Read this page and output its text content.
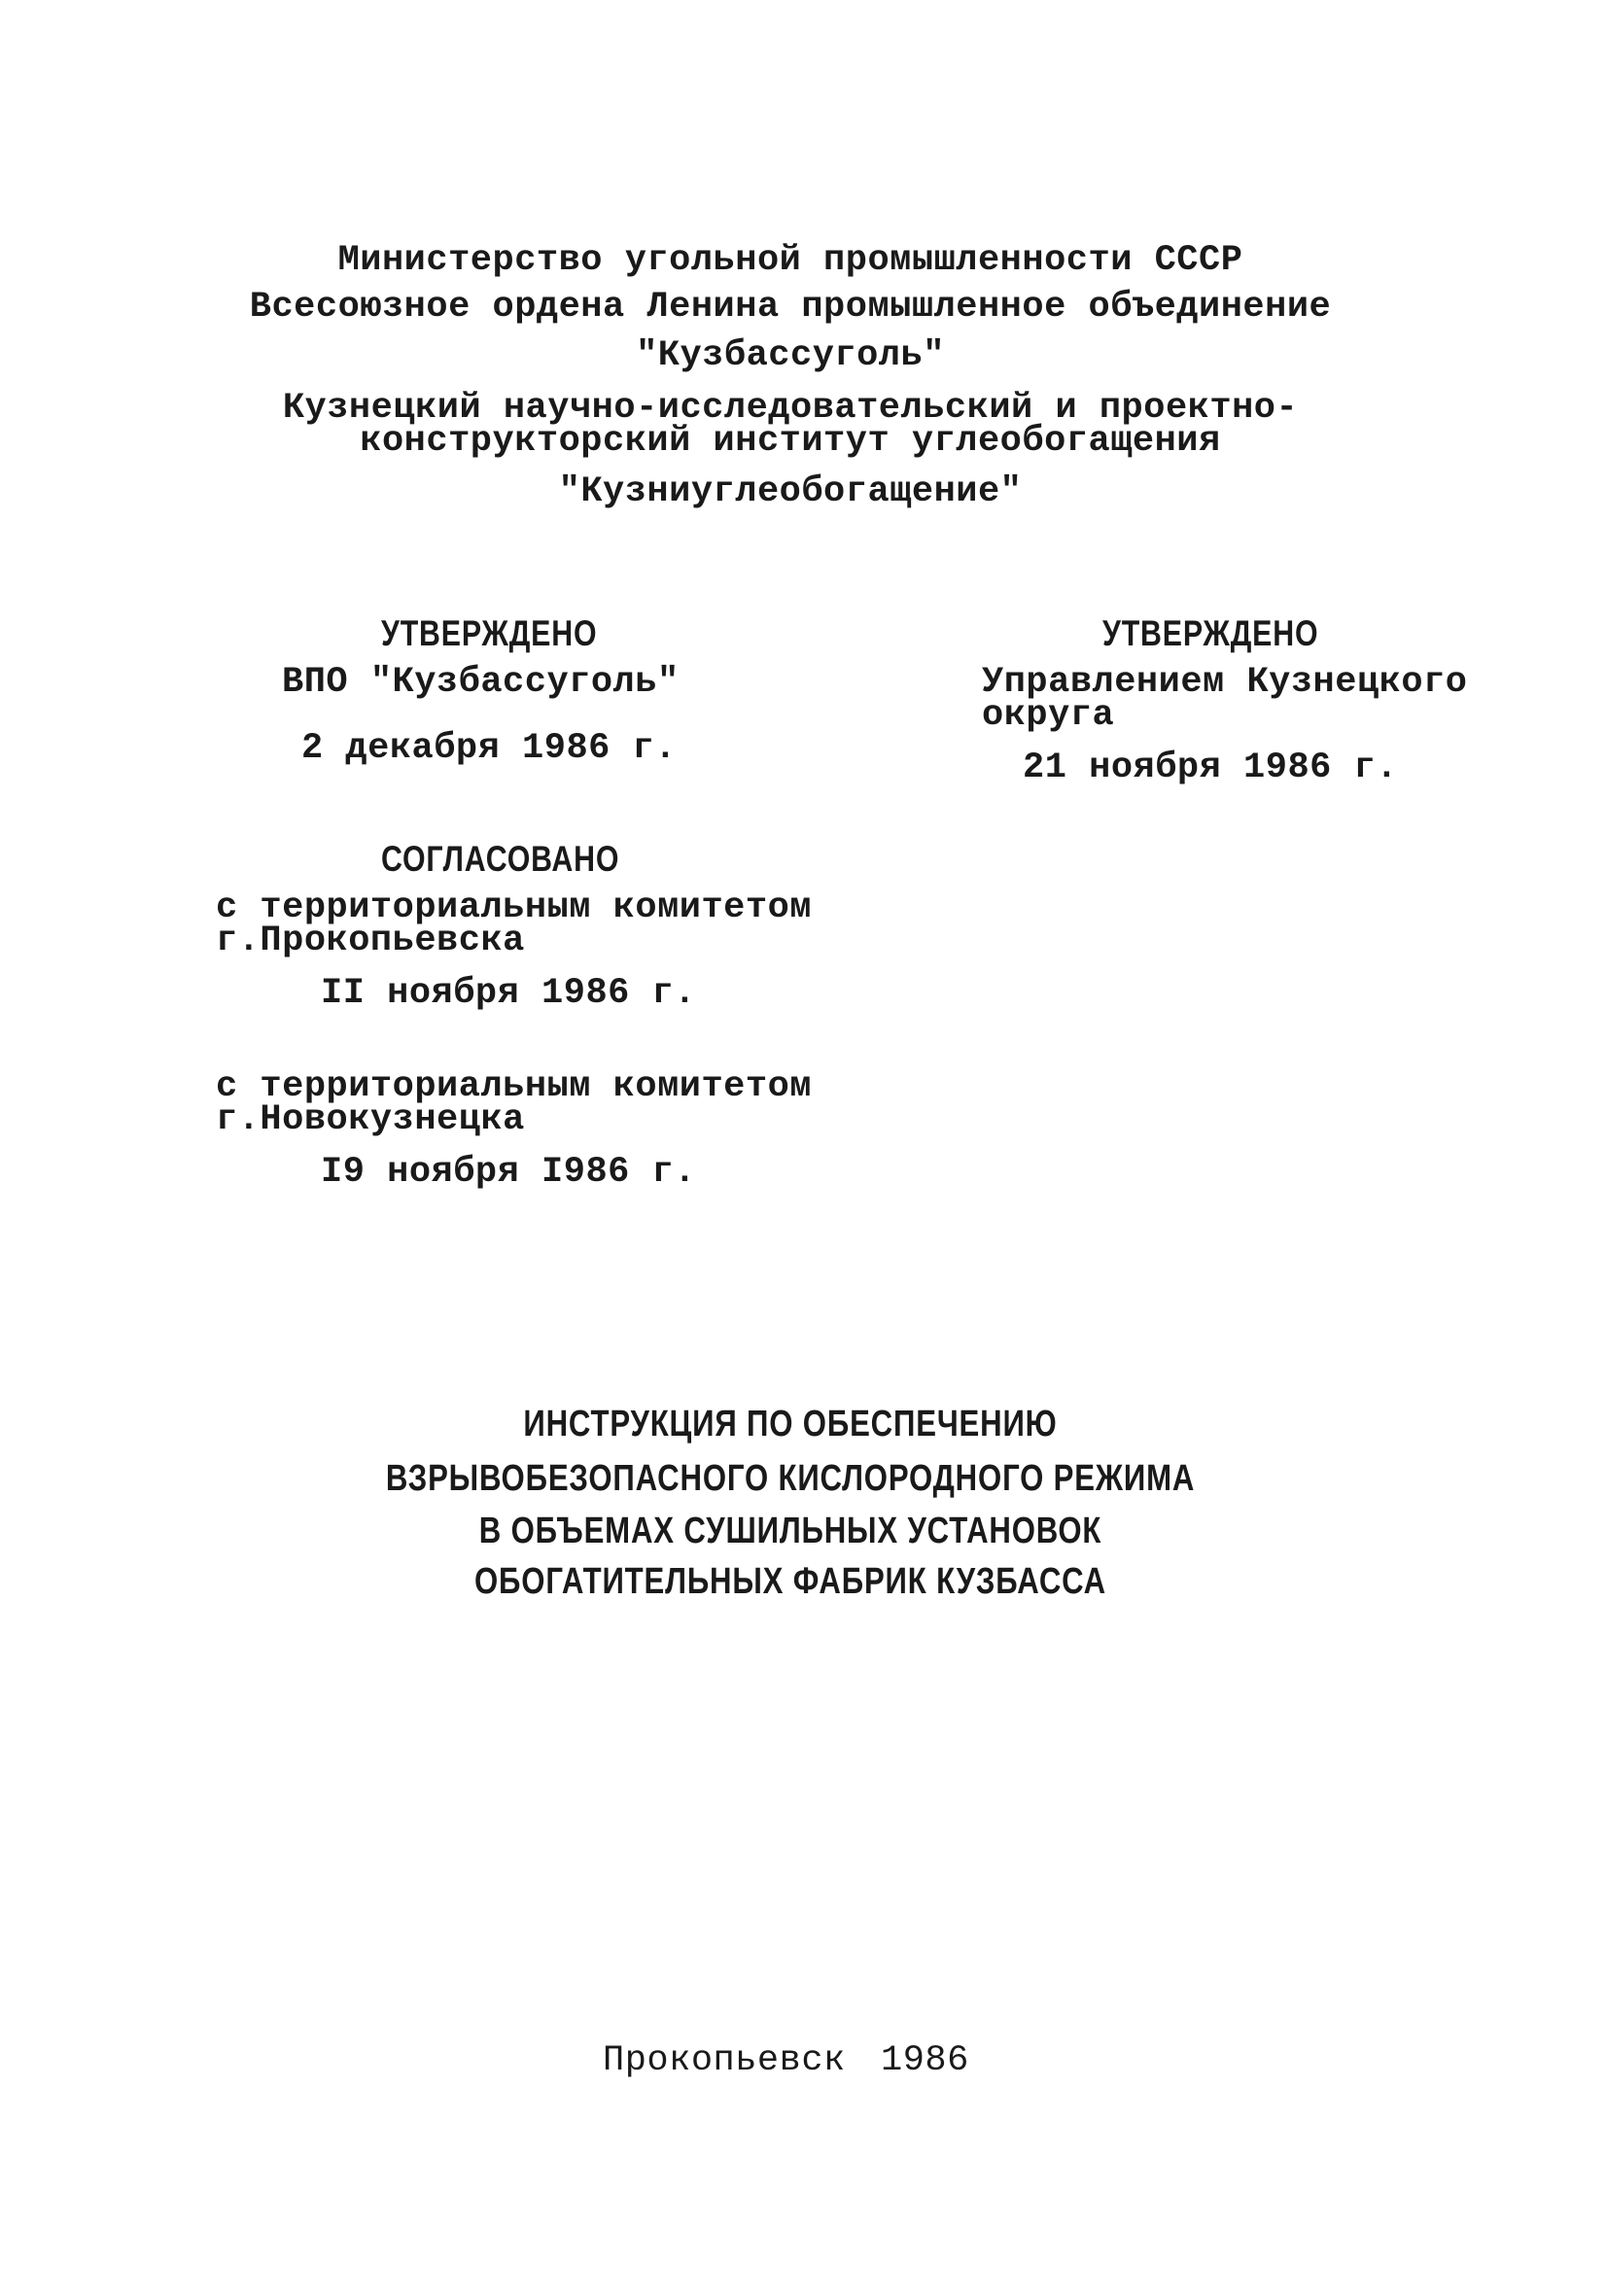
Министерство угольной промышленности СССР
Всесоюзное ордена Ленина промышленное объединение
"Кузбассуголь"
Кузнецкий научно-исследовательский и проектно-
конструкторский институт углеобогащения
"Кузниуглеобогащение"
УТВЕРЖДЕНО
ВПО "Кузбассуголь"
2 декабря 1986 г.
УТВЕРЖДЕНО
Управлением Кузнецкого
округа
21 ноября 1986 г.
СОГЛАСОВАНО
с территориальным комитетом
г.Прокопьевска
II ноября 1986 г.
с территориальным комитетом
г.Новокузнецка
I9 ноября I986 г.
ИНСТРУКЦИЯ ПО ОБЕСПЕЧЕНИЮ
ВЗРЫВОБЕЗОПАСНОГО КИСЛОРОДНОГО РЕЖИМА
В ОБЪЕМАХ СУШИЛЬНЫХ УСТАНОВОК
ОБОГАТИТЕЛЬНЫХ ФАБРИК КУЗБАССА
Прокопьевск 1986
